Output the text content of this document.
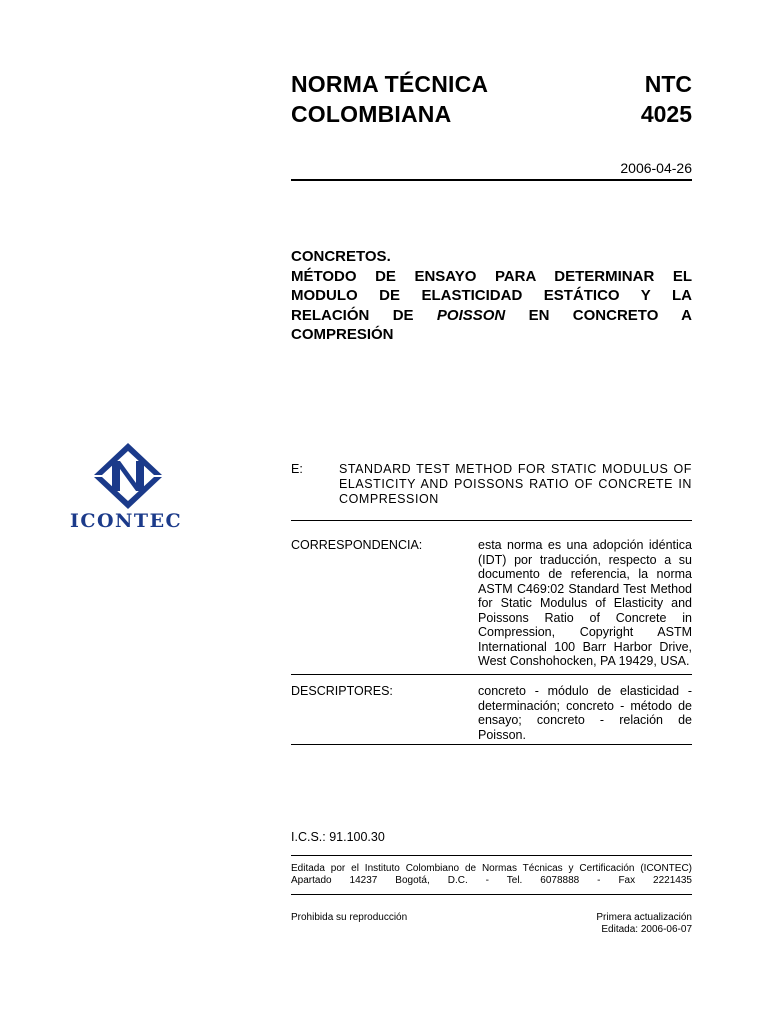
NORMA TÉCNICA
COLOMBIANA
NTC
4025
2006-04-26
CONCRETOS.
MÉTODO DE ENSAYO PARA DETERMINAR EL
MODULO DE ELASTICIDAD ESTÁTICO Y LA
RELACIÓN DE POISSON EN CONCRETO A
COMPRESIÓN
ICONTEC
E:	STANDARD TEST METHOD FOR STATIC MODULUS OF
ELASTICITY AND POISSONS RATIO OF CONCRETE IN
COMPRESSION
CORRESPONDENCIA:	esta norma es una adopción idéntica
(IDT) por traducción, respecto a su
documento de referencia, la norma
ASTM C469:02 Standard Test Method
for Static Modulus of Elasticity and
Poissons Ratio of Concrete in
Compression, Copyright ASTM
International 100 Barr Harbor Drive,
West Conshohocken, PA 19429, USA.
DESCRIPTORES:	concreto - módulo de elasticidad -
determinación; concreto - método de
ensayo; concreto - relación de
Poisson.
I.C.S.: 91.100.30
Editada por el Instituto Colombiano de Normas Técnicas y Certificación (ICONTEC)
Apartado 14237 Bogotá, D.C. - Tel. 6078888 - Fax 2221435
Prohibida su reproducción	Primera actualización
Editada: 2006-06-07
